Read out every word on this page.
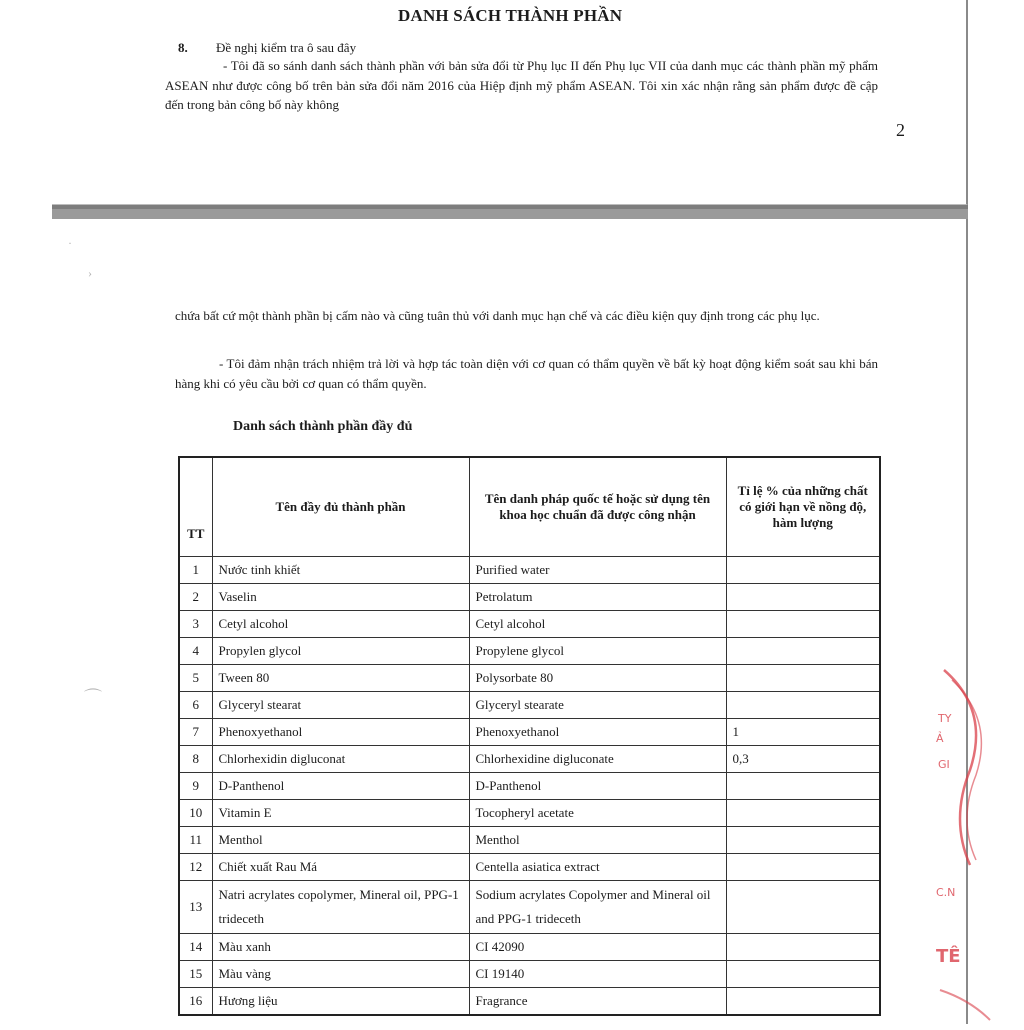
DANH SÁCH THÀNH PHẦN
8. Đề nghị kiểm tra ô sau đây
- Tôi đã so sánh danh sách thành phần với bản sửa đổi từ Phụ lục II đến Phụ lục VII của danh mục các thành phần mỹ phẩm ASEAN như được công bố trên bản sửa đổi năm 2016 của Hiệp định mỹ phẩm ASEAN. Tôi xin xác nhận rằng sản phẩm được đề cập đến trong bản công bố này không
2
·
›
⌒
chứa bất cứ một thành phần bị cấm nào và cũng tuân thủ với danh mục hạn chế và các điều kiện quy định trong các phụ lục.
- Tôi đảm nhận trách nhiệm trả lời và hợp tác toàn diện với cơ quan có thẩm quyền về bất kỳ hoạt động kiểm soát sau khi bán hàng khi có yêu cầu bởi cơ quan có thẩm quyền.
Danh sách thành phần đầy đủ
TT	Tên đầy đủ thành phần	Tên danh pháp quốc tế hoặc sử dụng tên khoa học chuẩn đã được công nhận	Tỉ lệ % của những chất có giới hạn về nồng độ, hàm lượng
1	Nước tinh khiết	Purified water	
2	Vaselin	Petrolatum	
3	Cetyl alcohol	Cetyl alcohol	
4	Propylen glycol	Propylene glycol	
5	Tween 80	Polysorbate 80	
6	Glyceryl stearat	Glyceryl stearate	
7	Phenoxyethanol	Phenoxyethanol	1
8	Chlorhexidin digluconat	Chlorhexidine digluconate	0,3
9	D-Panthenol	D-Panthenol	
10	Vitamin E	Tocopheryl acetate	
11	Menthol	Menthol	
12	Chiết xuất Rau Má	Centella asiatica extract	
13	Natri acrylates copolymer, Mineral oil, PPG-1 trideceth	Sodium acrylates Copolymer and Mineral oil and PPG-1 trideceth	
14	Màu xanh	CI 42090	
15	Màu vàng	CI 19140	
16	Hương liệu	Fragrance	
TY
Ả
GI
C.N
TÊ
